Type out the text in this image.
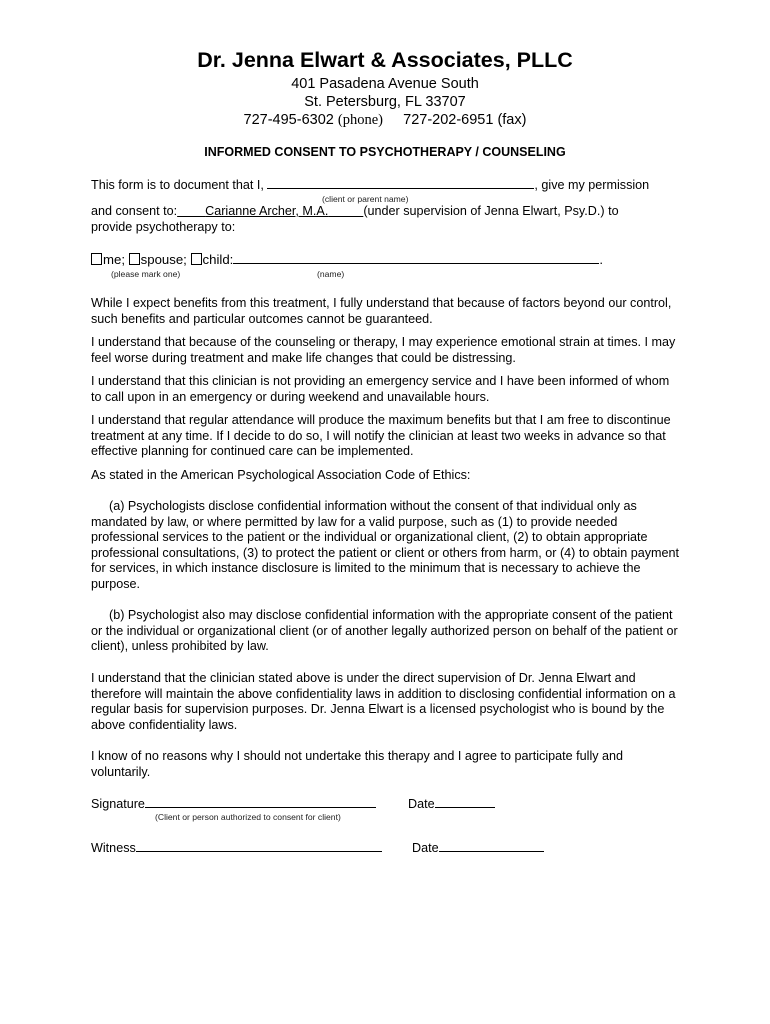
Dr. Jenna Elwart & Associates, PLLC
401 Pasadena Avenue South
St. Petersburg, FL 33707
727-495-6302 (phone) 727-202-6951 (fax)
INFORMED CONSENT TO PSYCHOTHERAPY / COUNSELING
This form is to document that I,	, give my permission
(client or parent name)
and consent to: Carianne Archer, M.A.	(under supervision of Jenna Elwart, Psy.D.) to
provide psychotherapy to:
me; spouse; child:	.
(please mark one)	(name)
While I expect benefits from this treatment, I fully understand that because of factors beyond our control, such benefits and particular outcomes cannot be guaranteed.
I understand that because of the counseling or therapy, I may experience emotional strain at times. I may feel worse during treatment and make life changes that could be distressing.
I understand that this clinician is not providing an emergency service and I have been informed of whom to call upon in an emergency or during weekend and unavailable hours.
I understand that regular attendance will produce the maximum benefits but that I am free to discontinue treatment at any time. If I decide to do so, I will notify the clinician at least two weeks in advance so that effective planning for continued care can be implemented.
As stated in the American Psychological Association Code of Ethics:
(a) Psychologists disclose confidential information without the consent of that individual only as mandated by law, or where permitted by law for a valid purpose, such as (1) to provide needed professional services to the patient or the individual or organizational client, (2) to obtain appropriate professional consultations, (3) to protect the patient or client or others from harm, or (4) to obtain payment for services, in which instance disclosure is limited to the minimum that is necessary to achieve the purpose.
(b) Psychologist also may disclose confidential information with the appropriate consent of the patient or the individual or organizational client (or of another legally authorized person on behalf of the patient or client), unless prohibited by law.
I understand that the clinician stated above is under the direct supervision of Dr. Jenna Elwart and therefore will maintain the above confidentiality laws in addition to disclosing confidential information on a regular basis for supervision purposes. Dr. Jenna Elwart is a licensed psychologist who is bound by the above confidentiality laws.
I know of no reasons why I should not undertake this therapy and I agree to participate fully and voluntarily.
Signature	Date
(Client or person authorized to consent for client)
Witness	Date
